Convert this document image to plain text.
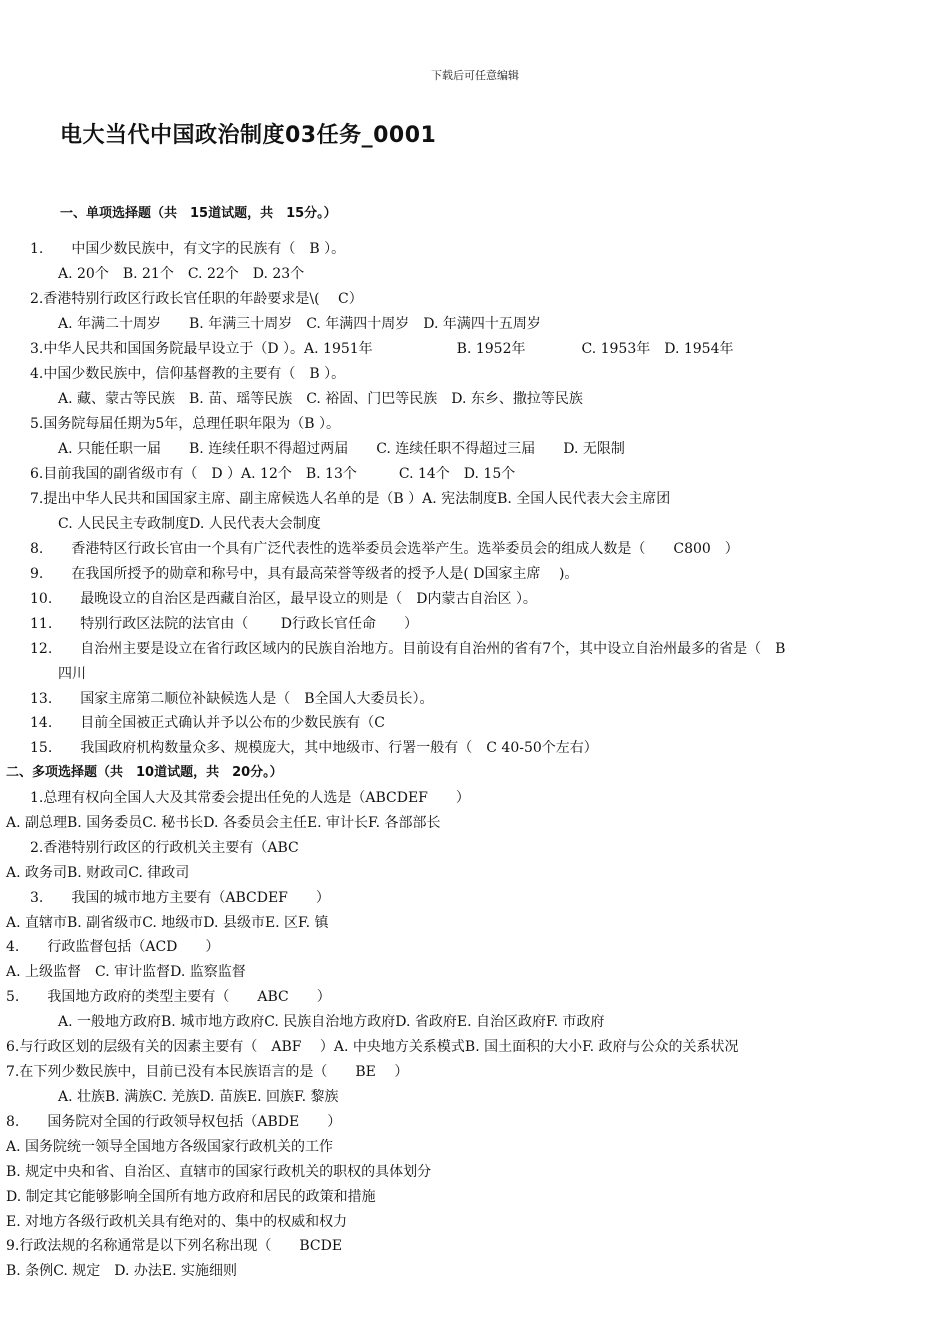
下载后可任意编辑
电大当代中国政治制度03任务_0001
一、单项选择题（共　15道试题，共　15分。）
1.　　中国少数民族中，有文字的民族有（　B ）。
A. 20个　B. 21个　C. 22个　D. 23个
2.香港特别行政区行政长官任职的年龄要求是\(　 C）
A. 年满二十周岁　　B. 年满三十周岁　C. 年满四十周岁　D. 年满四十五周岁
3.中华人民共和国国务院最早设立于（D ）。A. 1951年　　　　　　B. 1952年　　　　C. 1953年　D. 1954年
4.中国少数民族中，信仰基督教的主要有（　B ）。
A. 藏、蒙古等民族　B. 苗、瑶等民族　C. 裕固、门巴等民族　D. 东乡、撒拉等民族
5.国务院每届任期为5年，总理任职年限为（B ）。
A. 只能任职一届　　B. 连续任职不得超过两届　　C. 连续任职不得超过三届　　D. 无限制
6.目前我国的副省级市有（　D ）A. 12个　B. 13个　　　C. 14个　D. 15个
7.提出中华人民共和国国家主席、副主席候选人名单的是（B ）A. 宪法制度B. 全国人民代表大会主席团
C. 人民民主专政制度D. 人民代表大会制度
8.　　香港特区行政长官由一个具有广泛代表性的选举委员会选举产生。选举委员会的组成人数是（　　C800　）
9.　　在我国所授予的勋章和称号中，具有最高荣誉等级者的授予人是( D国家主席　 )。
10.　　最晚设立的自治区是西藏自治区，最早设立的则是（　D内蒙古自治区 ）。
11.　　特别行政区法院的法官由（　　 D行政长官任命　　）
12.　　自治州主要是设立在省行政区域内的民族自治地方。目前设有自治州的省有7个，其中设立自治州最多的省是（　B
四川
13.　　国家主席第二顺位补缺候选人是（　B全国人大委员长）。
14.　　目前全国被正式确认并予以公布的少数民族有（C
15.　　我国政府机构数量众多、规模庞大，其中地级市、行署一般有（　C 40-50个左右）
二、多项选择题（共　10道试题，共　20分。）
1.总理有权向全国人大及其常委会提出任免的人选是（ABCDEF　　）
A. 副总理B. 国务委员C. 秘书长D. 各委员会主任E. 审计长F. 各部部长
2.香港特别行政区的行政机关主要有（ABC
A. 政务司B. 财政司C. 律政司
3.　　我国的城市地方主要有（ABCDEF　　）
A. 直辖市B. 副省级市C. 地级市D. 县级市E. 区F. 镇
4.　　行政监督包括（ACD　　）
A. 上级监督　C. 审计监督D. 监察监督
5.　　我国地方政府的类型主要有（　　ABC　　）
A. 一般地方政府B. 城市地方政府C. 民族自治地方政府D. 省政府E. 自治区政府F. 市政府
6.与行政区划的层级有关的因素主要有（　ABF　 ）A. 中央地方关系模式B. 国土面积的大小F. 政府与公众的关系状况
7.在下列少数民族中，目前已没有本民族语言的是（　　BE　 ）
A. 壮族B. 满族C. 羌族D. 苗族E. 回族F. 黎族
8.　　国务院对全国的行政领导权包括（ABDE　　）
A. 国务院统一领导全国地方各级国家行政机关的工作
B. 规定中央和省、自治区、直辖市的国家行政机关的职权的具体划分
D. 制定其它能够影响全国所有地方政府和居民的政策和措施
E. 对地方各级行政机关具有绝对的、集中的权威和权力
9.行政法规的名称通常是以下列名称出现（　　BCDE
B. 条例C. 规定　D. 办法E. 实施细则
